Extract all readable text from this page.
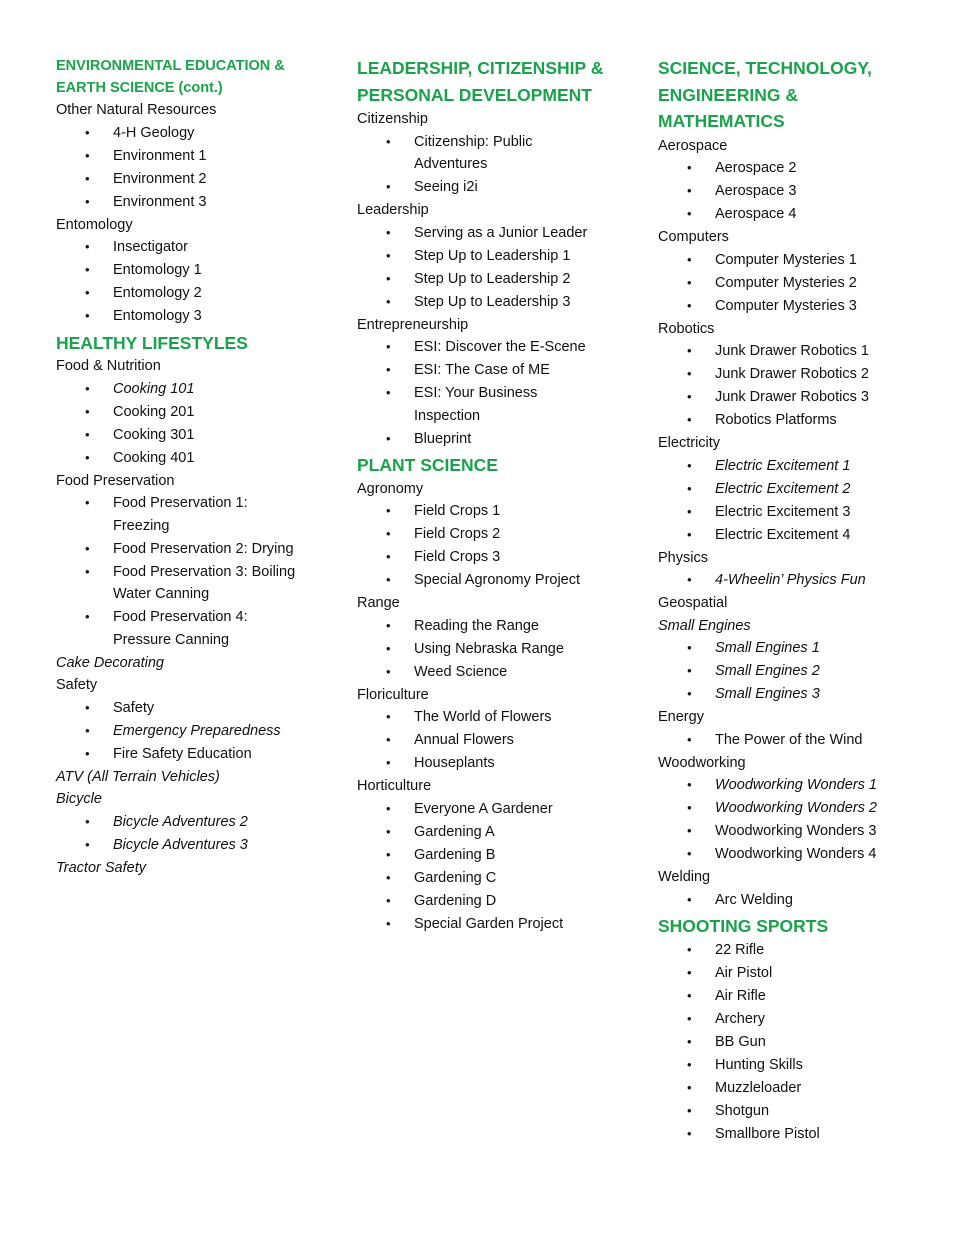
ENVIRONMENTAL EDUCATION &
EARTH SCIENCE (cont.)
Other Natural Resources
• 4-H Geology
• Environment 1
• Environment 2
• Environment 3
Entomology
• Insectigator
• Entomology 1
• Entomology 2
• Entomology 3
HEALTHY LIFESTYLES
Food & Nutrition
• Cooking 101
• Cooking 201
• Cooking 301
• Cooking 401
Food Preservation
• Food Preservation 1:
Freezing
• Food Preservation 2: Drying
• Food Preservation 3: Boiling
Water Canning
• Food Preservation 4:
Pressure Canning
Cake Decorating
Safety
• Safety
• Emergency Preparedness
• Fire Safety Education
ATV (All Terrain Vehicles)
Bicycle
• Bicycle Adventures 2
• Bicycle Adventures 3
Tractor Safety
LEADERSHIP, CITIZENSHIP &
PERSONAL DEVELOPMENT
Citizenship
• Citizenship: Public
Adventures
• Seeing i2i
Leadership
• Serving as a Junior Leader
• Step Up to Leadership 1
• Step Up to Leadership 2
• Step Up to Leadership 3
Entrepreneurship
• ESI: Discover the E-Scene
• ESI: The Case of ME
• ESI: Your Business
Inspection
• Blueprint
PLANT SCIENCE
Agronomy
• Field Crops 1
• Field Crops 2
• Field Crops 3
• Special Agronomy Project
Range
• Reading the Range
• Using Nebraska Range
• Weed Science
Floriculture
• The World of Flowers
• Annual Flowers
• Houseplants
Horticulture
• Everyone A Gardener
• Gardening A
• Gardening B
• Gardening C
• Gardening D
• Special Garden Project
SCIENCE, TECHNOLOGY,
ENGINEERING &
MATHEMATICS
Aerospace
• Aerospace 2
• Aerospace 3
• Aerospace 4
Computers
• Computer Mysteries 1
• Computer Mysteries 2
• Computer Mysteries 3
Robotics
• Junk Drawer Robotics 1
• Junk Drawer Robotics 2
• Junk Drawer Robotics 3
• Robotics Platforms
Electricity
• Electric Excitement 1
• Electric Excitement 2
• Electric Excitement 3
• Electric Excitement 4
Physics
• 4-Wheelin’ Physics Fun
Geospatial
Small Engines
• Small Engines 1
• Small Engines 2
• Small Engines 3
Energy
• The Power of the Wind
Woodworking
• Woodworking Wonders 1
• Woodworking Wonders 2
• Woodworking Wonders 3
• Woodworking Wonders 4
Welding
• Arc Welding
SHOOTING SPORTS
• 22 Rifle
• Air Pistol
• Air Rifle
• Archery
• BB Gun
• Hunting Skills
• Muzzleloader
• Shotgun
• Smallbore Pistol
